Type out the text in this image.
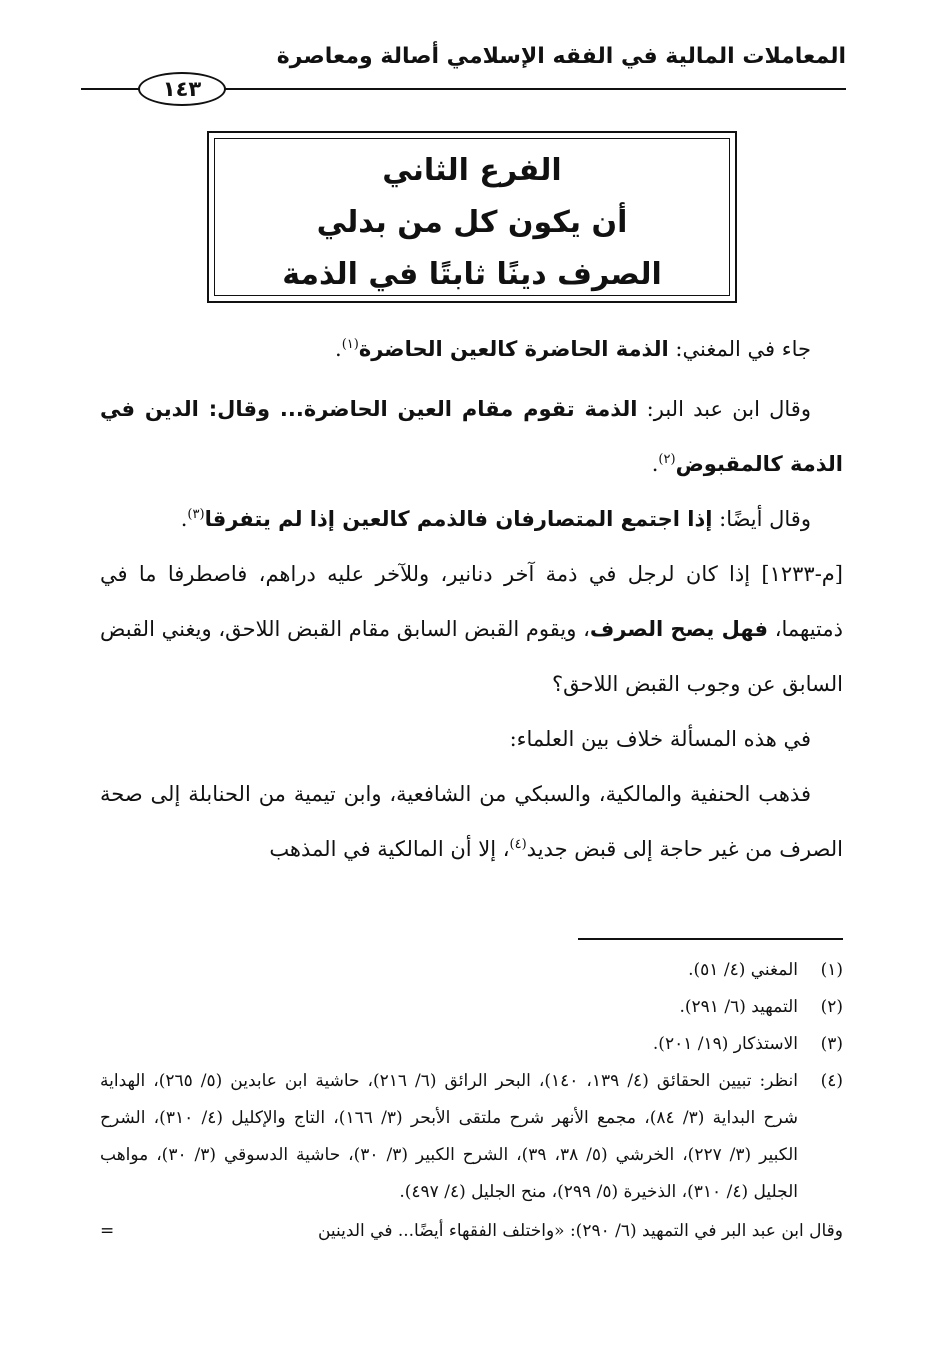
المعاملات المالية في الفقه الإسلامي أصالة ومعاصرة
١٤٣
الفرع الثاني
أن يكون كل من بدلي
الصرف دينًا ثابتًا في الذمة

جاء في المغني: الذمة الحاضرة كالعين الحاضرة$^{(١)}$.

وقال ابن عبد البر: الذمة تقوم مقام العين الحاضرة... وقال: الدين في الذمة كالمقبوض$^{(٢)}$.

وقال أيضًا: إذا اجتمع المتصارفان فالذمم كالعين إذا لم يتفرقا$^{(٣)}$.

[م-١٢٣٣] إذا كان لرجل في ذمة آخر دنانير، وللآخر عليه دراهم، فاصطرفا ما في ذمتيهما، فهل يصح الصرف، ويقوم القبض السابق مقام القبض اللاحق، ويغني القبض السابق عن وجوب القبض اللاحق؟

في هذه المسألة خلاف بين العلماء:

فذهب الحنفية والمالكية، والسبكي من الشافعية، وابن تيمية من الحنابلة إلى صحة الصرف من غير حاجة إلى قبض جديد$^{(٤)}$، إلا أن المالكية في المذهب

(١)
المغني (٤/ ٥١).
(٢)
التمهيد (٦/ ٢٩١).
(٣)
الاستذكار (١٩/ ٢٠١).
(٤)
انظر: تبيين الحقائق (٤/ ١٣٩، ١٤٠)، البحر الرائق (٦/ ٢١٦)، حاشية ابن عابدين (٥/ ٢٦٥)، الهداية شرح البداية (٣/ ٨٤)، مجمع الأنهر شرح ملتقى الأبحر (٣/ ١٦٦)، التاج والإكليل (٤/ ٣١٠)، الشرح الكبير (٣/ ٢٢٧)، الخرشي (٥/ ٣٨، ٣٩)، الشرح الكبير (٣/ ٣٠)، حاشية الدسوقي (٣/ ٣٠)، مواهب الجليل (٤/ ٣١٠)، الذخيرة (٥/ ٢٩٩)، منح الجليل (٤/ ٤٩٧).
وقال ابن عبد البر في التمهيد (٦/ ٢٩٠): «واختلف الفقهاء أيضًا... في الدينين
=
